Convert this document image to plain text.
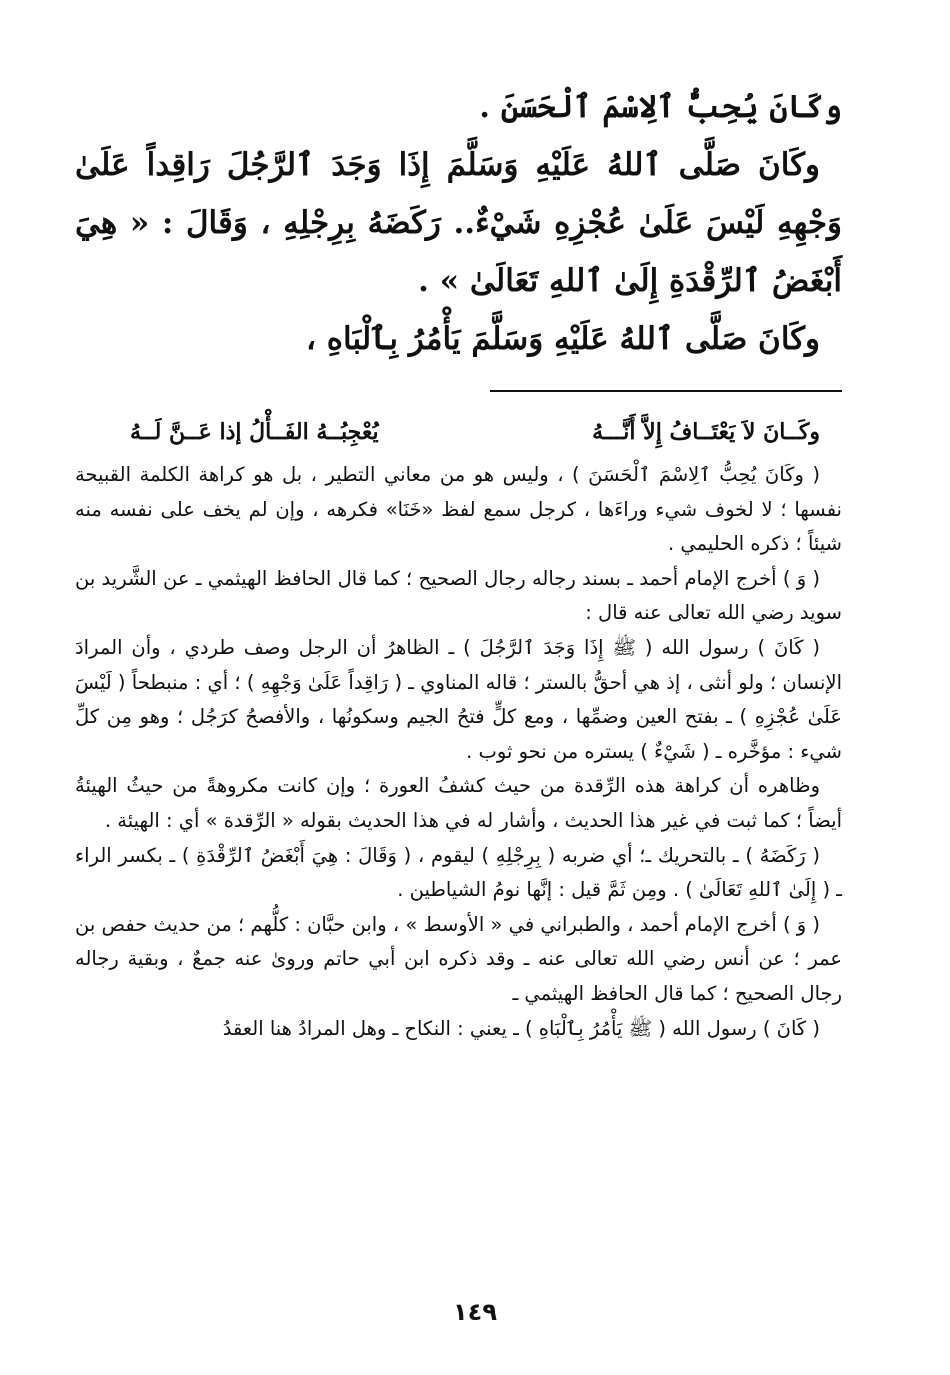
وكَانَ يُحِبُّ ٱلِاسْمَ ٱلْحَسَنَ .

وكَانَ صَلَّى ٱللهُ عَلَيْهِ وَسَلَّمَ إِذَا وَجَدَ ٱلرَّجُلَ رَاقِداً عَلَىٰ وَجْهِهِ لَيْسَ عَلَىٰ عُجْزِهِ شَيْءٌ.. رَكَضَهُ بِرِجْلِهِ ، وَقَالَ : « هِيَ أَبْغَضُ ٱلرِّقْدَةِ إِلَىٰ ٱللهِ تَعَالَىٰ » .

وكَانَ صَلَّى ٱللهُ عَلَيْهِ وَسَلَّمَ يَأْمُرُ بِٱلْبَاهِ ،

وكَــانَ لاَ يَعْتَــافُ إِلاَّ أَنَّـــهُ
يُعْجِبُــهُ الفَــأْلُ إذا عَــنَّ لَــهُ

( وكَانَ يُحِبُّ ٱلِاسْمَ ٱلْحَسَنَ ) ، وليس هو من معاني التطير ، بل هو كراهة الكلمة القبيحة نفسها ؛ لا لخوف شيء وراءَها ، كرجل سمع لفظ «خَنَا» فكرهه ، وإن لم يخف على نفسه منه شيئاً ؛ ذكره الحليمي .

( وَ ) أخرج الإمام أحمد ـ بسند رجاله رجال الصحيح ؛ كما قال الحافظ الهيثمي ـ عن الشَّريد بن سويد رضي الله تعالى عنه قال :

( كَانَ ) رسول الله ( ﷺ إِذَا وَجَدَ ٱلرَّجُلَ ) ـ الظاهرُ أن الرجل وصف طردي ، وأن المرادَ الإنسان ؛ ولو أنثى ، إذ هي أحقُّ بالستر ؛ قاله المناوي ـ ( رَاقِداً عَلَىٰ وَجْهِهِ ) ؛ أي : منبطحاً ( لَيْسَ عَلَىٰ عُجْزِهِ ) ـ بفتح العين وضمِّها ، ومع كلٍّ فتحُ الجيم وسكونُها ، والأفصحُ كرَجُل ؛ وهو مِن كلِّ شيء : مؤخَّره ـ ( شَيْءٌ ) يستره من نحو ثوب .

وظاهره أن كراهة هذه الرِّقدة من حيث كشفُ العورة ؛ وإن كانت مكروهةً من حيثُ الهيئةُ أيضاً ؛ كما ثبت في غير هذا الحديث ، وأشار له في هذا الحديث بقوله « الرِّقدة » أي : الهيئة .

( رَكَضَهُ ) ـ بالتحريك ـ؛ أي ضربه ( بِرِجْلِهِ ) ليقوم ، ( وَقَالَ : هِيَ أَبْغَضُ ٱلرِّقْدَةِ ) ـ بكسر الراء ـ ( إِلَىٰ ٱللهِ تَعَالَىٰ ) . ومِن ثَمَّ قيل : إنَّها نومُ الشياطين .

( وَ ) أخرج الإمام أحمد ، والطبراني في « الأوسط » ، وابن حبَّان : كلُّهم ؛ من حديث حفص بن عمر ؛ عن أنس رضي الله تعالى عنه ـ وقد ذكره ابن أبي حاتم وروىٰ عنه جمعٌ ، وبقية رجاله رجال الصحيح ؛ كما قال الحافظ الهيثمي ـ

( كَانَ ) رسول الله ( ﷺ يَأْمُرُ بِٱلْبَاهِ ) ـ يعني : النكاح ـ وهل المرادُ هنا العقدُ

١٤٩
